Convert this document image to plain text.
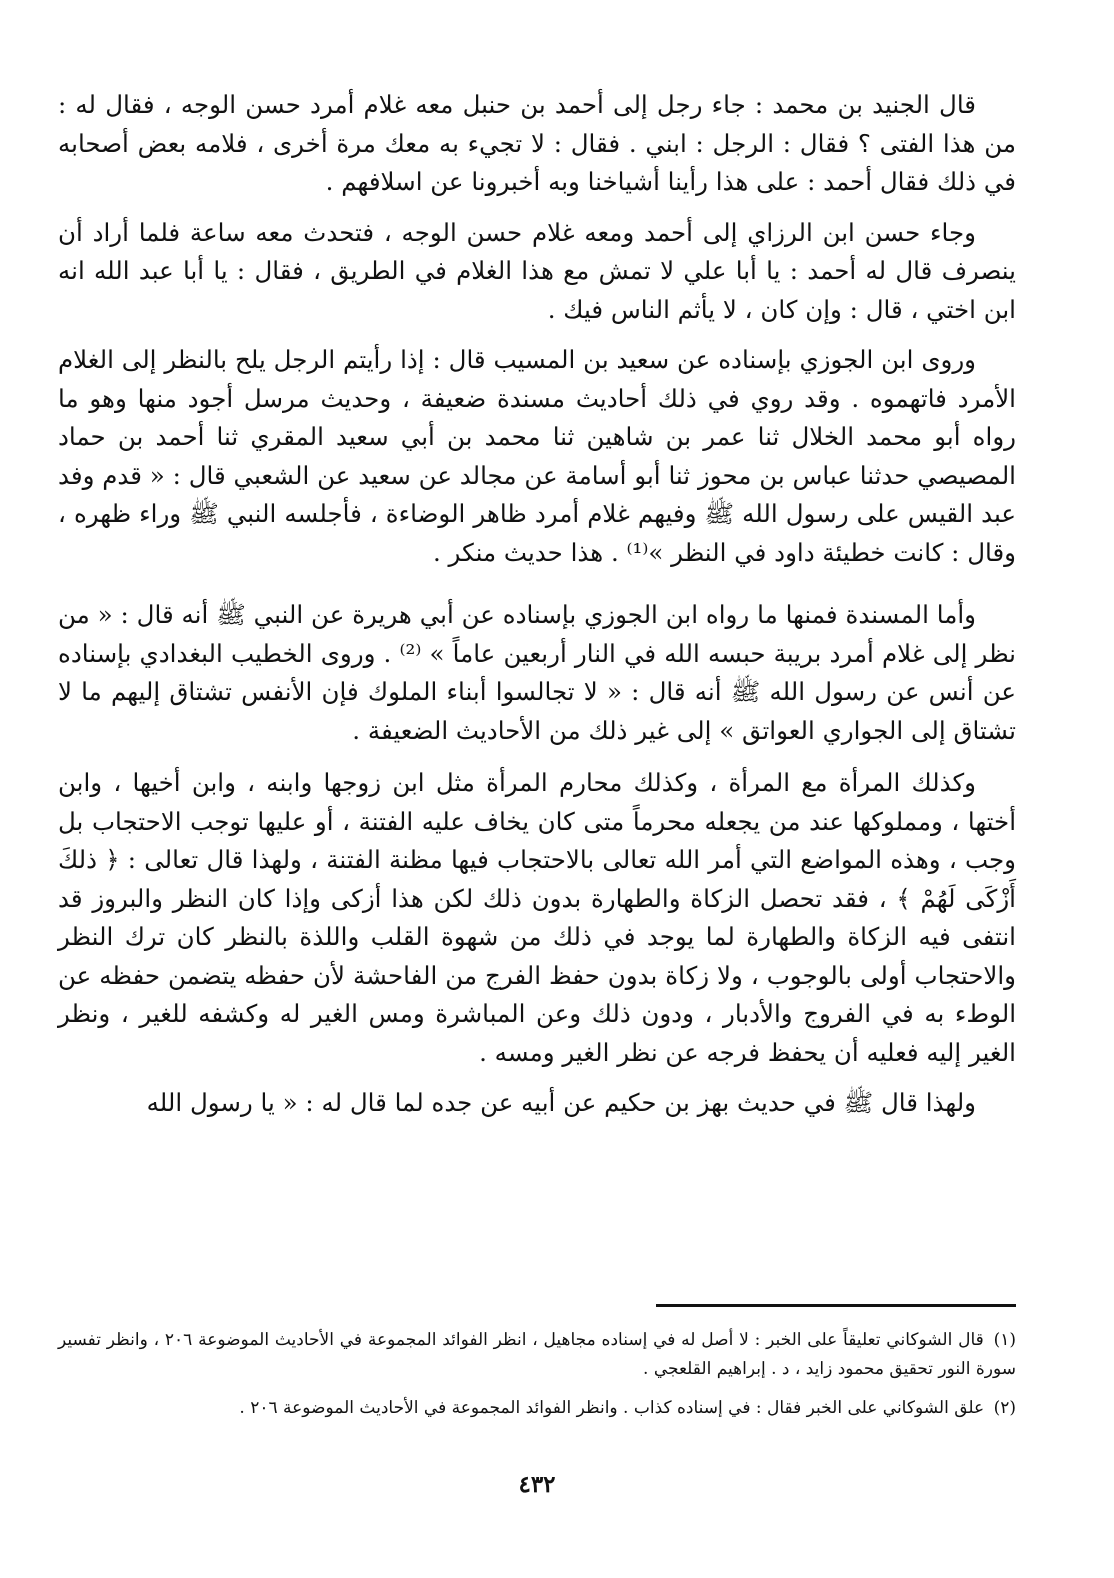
قال الجنيد بن محمد : جاء رجل إلى أحمد بن حنبل معه غلام أمرد حسن الوجه ، فقال له : من هذا الفتى ؟ فقال : الرجل : ابني . فقال : لا تجيء به معك مرة أخرى ، فلامه بعض أصحابه في ذلك فقال أحمد : على هذا رأينا أشياخنا وبه أخبرونا عن اسلافهم .

وجاء حسن ابن الرزاي إلى أحمد ومعه غلام حسن الوجه ، فتحدث معه ساعة فلما أراد أن ينصرف قال له أحمد : يا أبا علي لا تمش مع هذا الغلام في الطريق ، فقال : يا أبا عبد الله انه ابن اختي ، قال : وإن كان ، لا يأثم الناس فيك .

وروى ابن الجوزي بإسناده عن سعيد بن المسيب قال : إذا رأيتم الرجل يلح بالنظر إلى الغلام الأمرد فاتهموه . وقد روي في ذلك أحاديث مسندة ضعيفة ، وحديث مرسل أجود منها وهو ما رواه أبو محمد الخلال ثنا عمر بن شاهين ثنا محمد بن أبي سعيد المقري ثنا أحمد بن حماد المصيصي حدثنا عباس بن محوز ثنا أبو أسامة عن مجالد عن سعيد عن الشعبي قال : « قدم وفد عبد القيس على رسول الله ﷺ وفيهم غلام أمرد ظاهر الوضاءة ، فأجلسه النبي ﷺ وراء ظهره ، وقال : كانت خطيئة داود في النظر »⁽¹⁾ . هذا حديث منكر .

وأما المسندة فمنها ما رواه ابن الجوزي بإسناده عن أبي هريرة عن النبي ﷺ أنه قال : « من نظر إلى غلام أمرد بريبة حبسه الله في النار أربعين عاماً » ⁽²⁾ . وروى الخطيب البغدادي بإسناده عن أنس عن رسول الله ﷺ أنه قال : « لا تجالسوا أبناء الملوك فإن الأنفس تشتاق إليهم ما لا تشتاق إلى الجواري العواتق » إلى غير ذلك من الأحاديث الضعيفة .

وكذلك المرأة مع المرأة ، وكذلك محارم المرأة مثل ابن زوجها وابنه ، وابن أخيها ، وابن أختها ، ومملوكها عند من يجعله محرماً متى كان يخاف عليه الفتنة ، أو عليها توجب الاحتجاب بل وجب ، وهذه المواضع التي أمر الله تعالى بالاحتجاب فيها مظنة الفتنة ، ولهذا قال تعالى : ﴿ ذلكَ أَزْكَى لَهُمْ ﴾ ، فقد تحصل الزكاة والطهارة بدون ذلك لكن هذا أزكى وإذا كان النظر والبروز قد انتفى فيه الزكاة والطهارة لما يوجد في ذلك من شهوة القلب واللذة بالنظر كان ترك النظر والاحتجاب أولى بالوجوب ، ولا زكاة بدون حفظ الفرج من الفاحشة لأن حفظه يتضمن حفظه عن الوطء به في الفروج والأدبار ، ودون ذلك وعن المباشرة ومس الغير له وكشفه للغير ، ونظر الغير إليه فعليه أن يحفظ فرجه عن نظر الغير ومسه .

ولهذا قال ﷺ في حديث بهز بن حكيم عن أبيه عن جده لما قال له : « يا رسول الله

(١) قال الشوكاني تعليقاً على الخبر : لا أصل له في إسناده مجاهيل ، انظر الفوائد المجموعة في الأحاديث الموضوعة ٢٠٦ ، وانظر تفسير سورة النور تحقيق محمود زايد ، د . إبراهيم القلعجي .

(٢) علق الشوكاني على الخبر فقال : في إسناده كذاب . وانظر الفوائد المجموعة في الأحاديث الموضوعة ٢٠٦ .

٤٣٢
